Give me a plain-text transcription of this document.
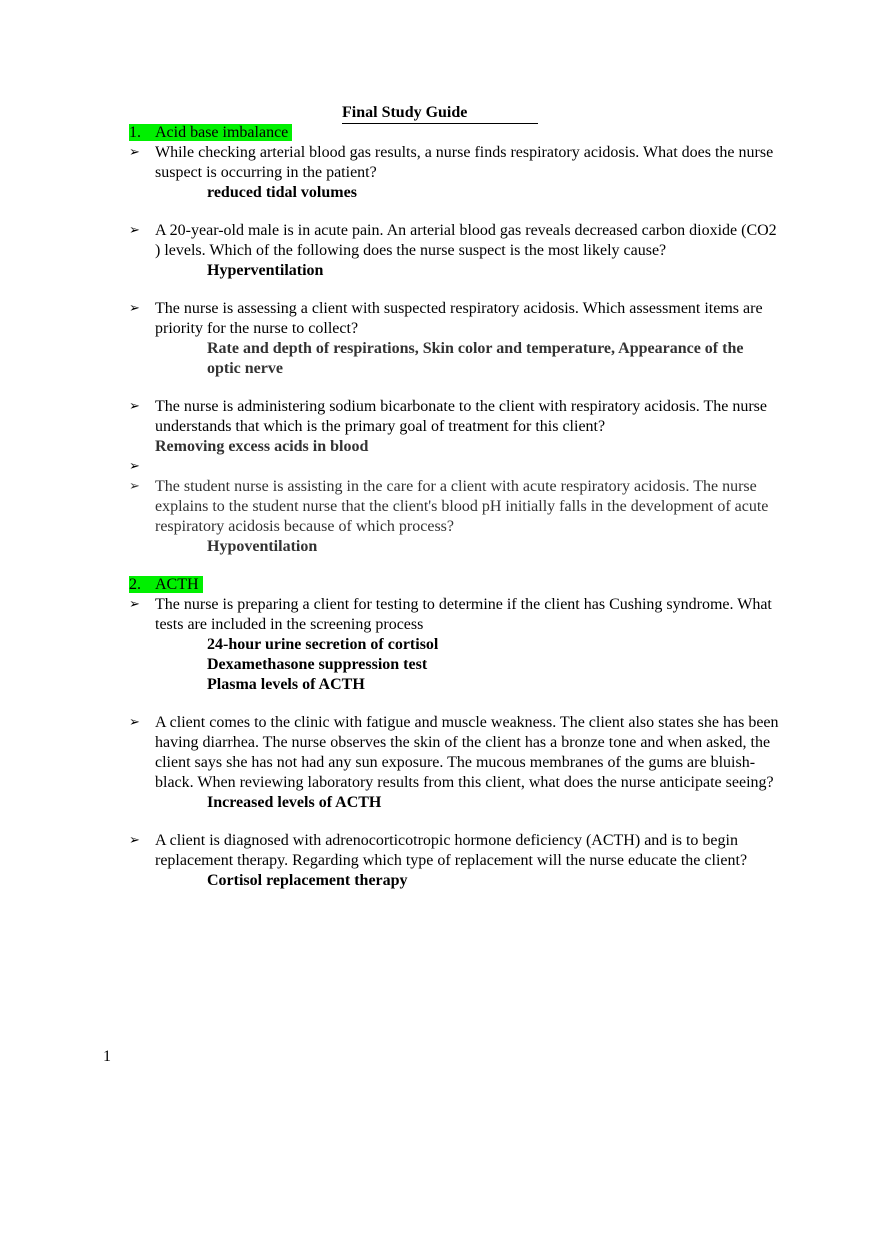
Final Study Guide
1. Acid base imbalance
➢ While checking arterial blood gas results, a nurse finds respiratory acidosis. What does the nurse suspect is occurring in the patient?
reduced tidal volumes
➢ A 20-year-old male is in acute pain. An arterial blood gas reveals decreased carbon dioxide (CO2 ) levels. Which of the following does the nurse suspect is the most likely cause?
Hyperventilation
➢ The nurse is assessing a client with suspected respiratory acidosis. Which assessment items are priority for the nurse to collect?
Rate and depth of respirations, Skin color and temperature, Appearance of the optic nerve
➢ The nurse is administering sodium bicarbonate to the client with respiratory acidosis. The nurse understands that which is the primary goal of treatment for this client?
Removing excess acids in blood
➢
➢ The student nurse is assisting in the care for a client with acute respiratory acidosis. The nurse explains to the student nurse that the client's blood pH initially falls in the development of acute respiratory acidosis because of which process?
Hypoventilation
2. ACTH
➢ The nurse is preparing a client for testing to determine if the client has Cushing syndrome. What tests are included in the screening process
24-hour urine secretion of cortisol
Dexamethasone suppression test
Plasma levels of ACTH
➢ A client comes to the clinic with fatigue and muscle weakness. The client also states she has been having diarrhea. The nurse observes the skin of the client has a bronze tone and when asked, the client says she has not had any sun exposure. The mucous membranes of the gums are bluish-black. When reviewing laboratory results from this client, what does the nurse anticipate seeing?
Increased levels of ACTH
➢ A client is diagnosed with adrenocorticotropic hormone deficiency (ACTH) and is to begin replacement therapy. Regarding which type of replacement will the nurse educate the client?
Cortisol replacement therapy
1
